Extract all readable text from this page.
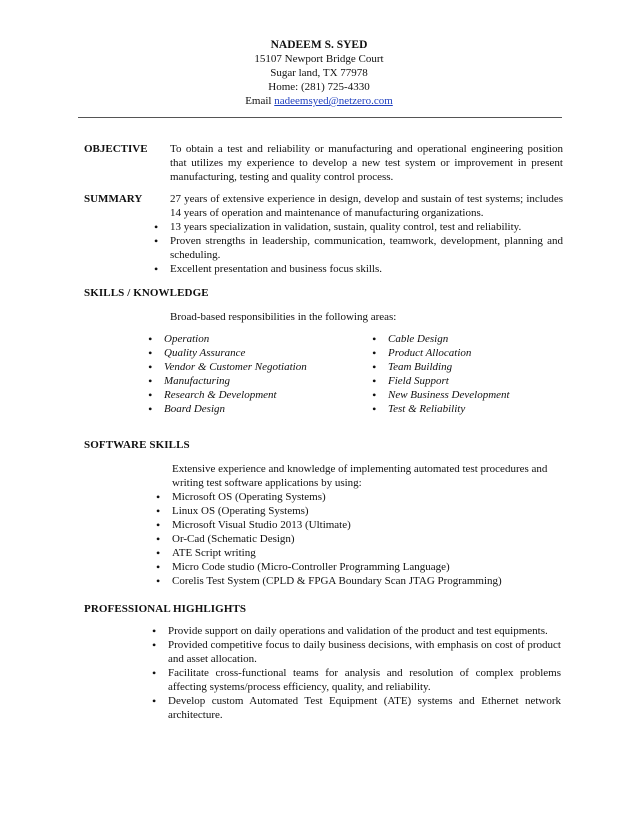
NADEEM S. SYED
15107 Newport Bridge Court
Sugar land, TX 77978
Home: (281) 725-4330
Email nadeemsyed@netzero.com
OBJECTIVE To obtain a test and reliability or manufacturing and operational engineering position that utilizes my experience to develop a new test system or improvement in present manufacturing, testing and quality control process.
SUMMARY	27 years of extensive experience in design, develop and sustain of test systems; includes 14 years of operation and maintenance of manufacturing organizations.
• 13 years specialization in validation, sustain, quality control, test and reliability.
• Proven strengths in leadership, communication, teamwork, development, planning and scheduling.
• Excellent presentation and business focus skills.
SKILLS / KNOWLEDGE
Broad-based responsibilities in the following areas:
• Operation
• Quality Assurance
• Vendor & Customer Negotiation
• Manufacturing
• Research & Development
• Board Design
• Cable Design
• Product Allocation
• Team Building
• Field Support
• New Business Development
• Test & Reliability
SOFTWARE SKILLS
Extensive experience and knowledge of implementing automated test procedures and writing test software applications by using:
• Microsoft OS (Operating Systems)
• Linux OS (Operating Systems)
• Microsoft Visual Studio 2013 (Ultimate)
• Or-Cad (Schematic Design)
• ATE Script writing
• Micro Code studio (Micro-Controller Programming Language)
• Corelis Test System (CPLD & FPGA Boundary Scan JTAG Programming)
PROFESSIONAL HIGHLIGHTS
• Provide support on daily operations and validation of the product and test equipments.
• Provided competitive focus to daily business decisions, with emphasis on cost of product and asset allocation.
• Facilitate cross-functional teams for analysis and resolution of complex problems affecting systems/process efficiency, quality, and reliability.
• Develop custom Automated Test Equipment (ATE) systems and Ethernet network architecture.
